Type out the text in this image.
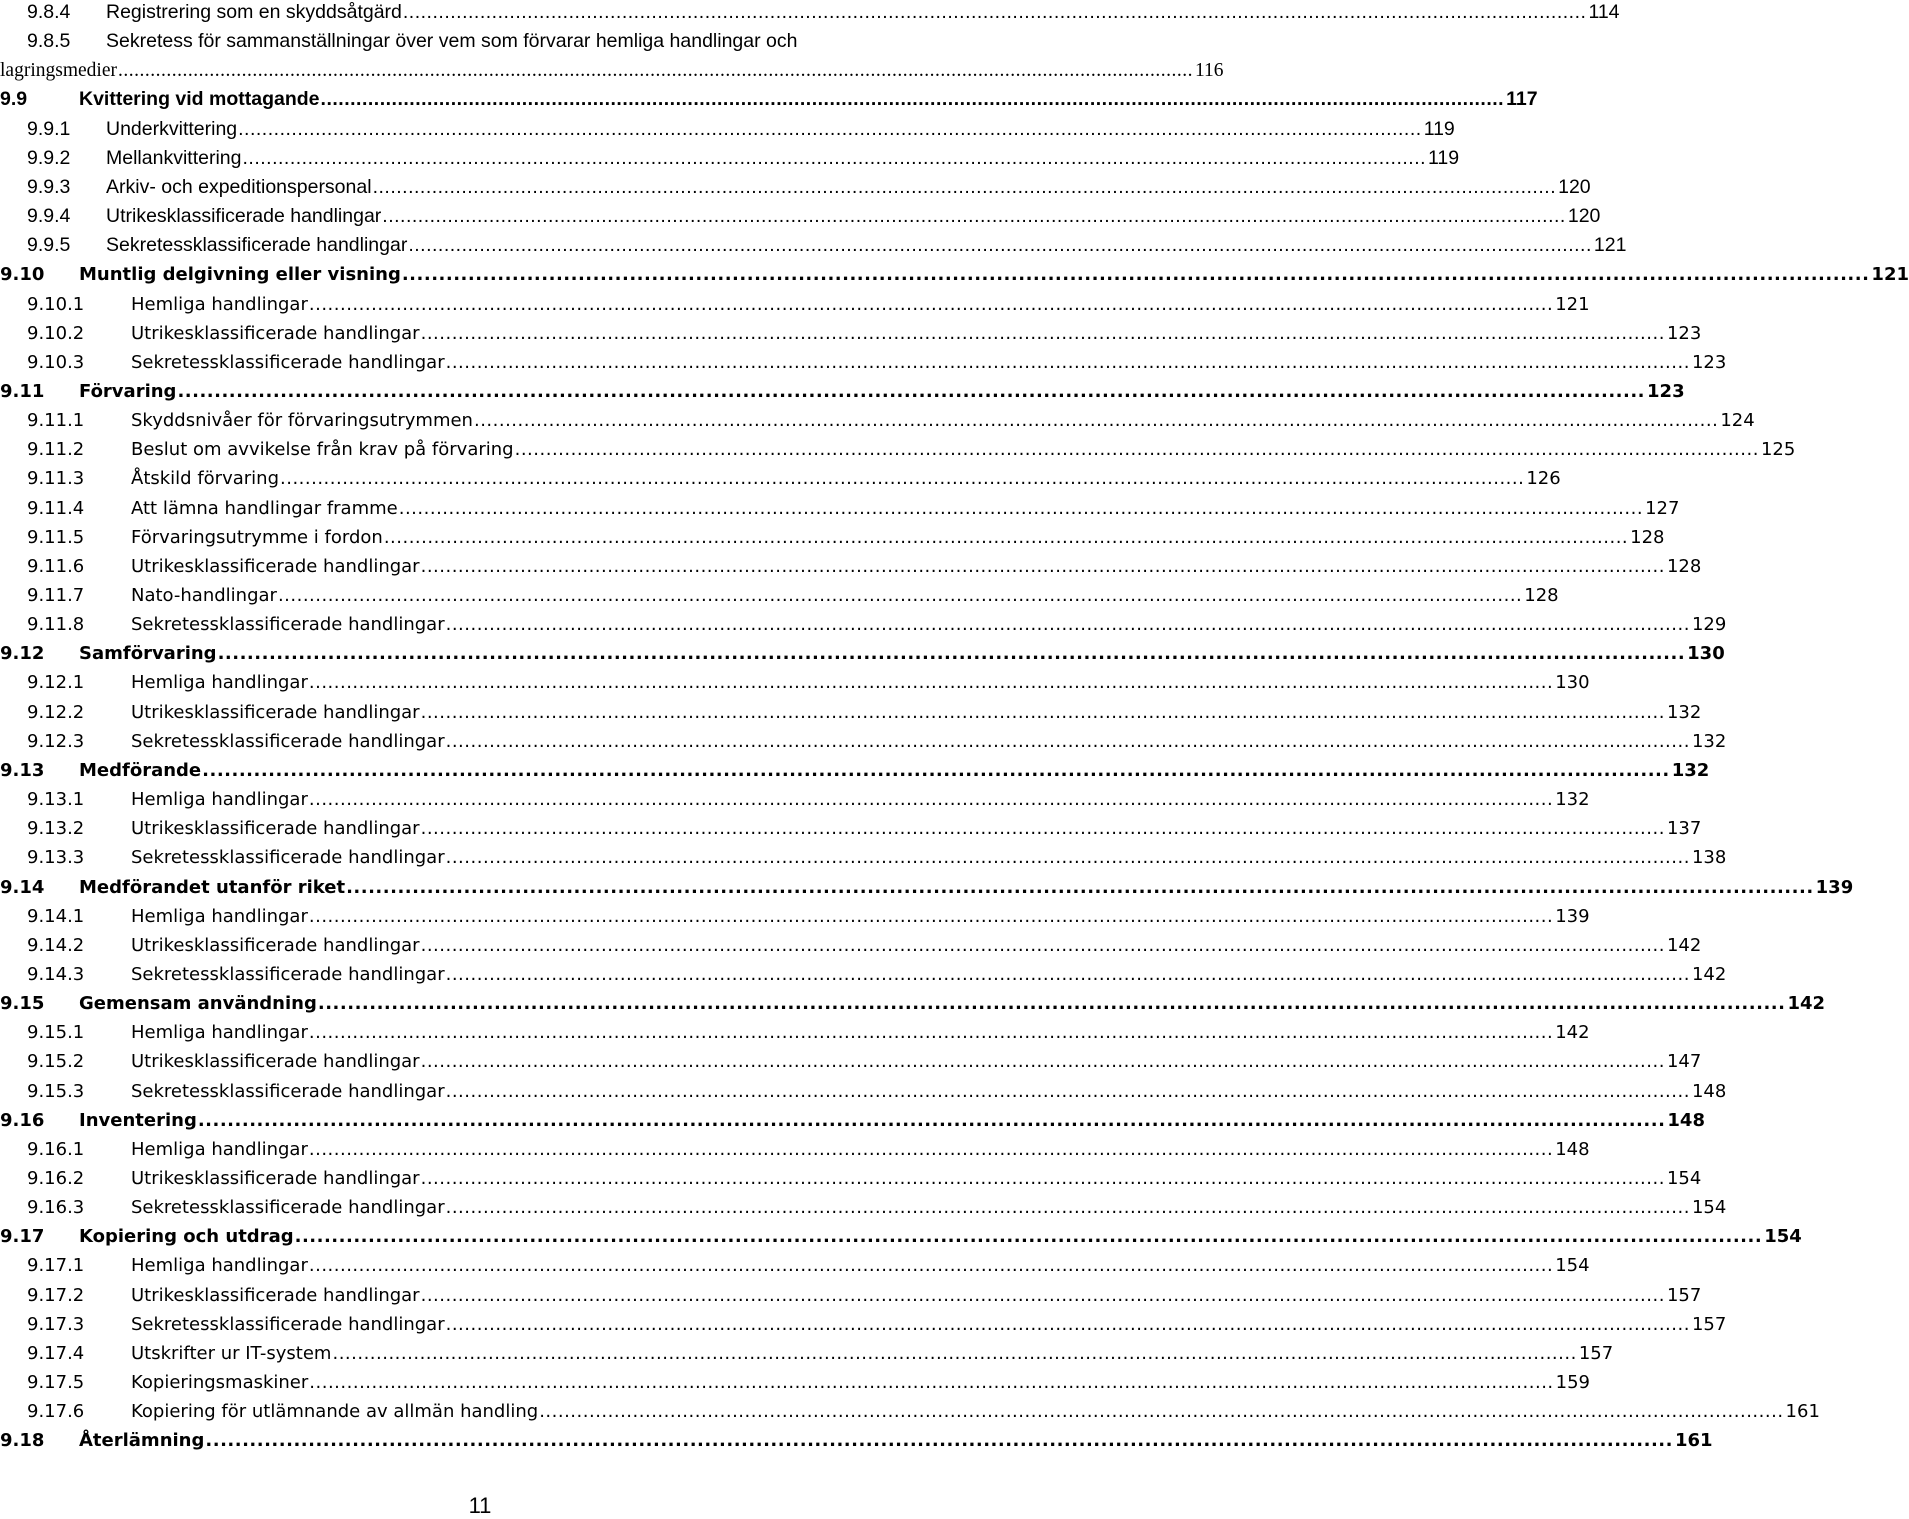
9.8.4 Registrering som en skyddsåtgärd ........................................................................................................................................................................................................ 114
9.8.5 Sekretess för sammanställningar över vem som förvarar hemliga handlingar och
lagringsmedier ........................................................................................................................................................................................................ 116
9.9	Kvittering vid mottagande ........................................................................................................................................................................................................ 117
9.9.1 Underkvittering ........................................................................................................................................................................................................ 119
9.9.2 Mellankvittering ........................................................................................................................................................................................................ 119
9.9.3 Arkiv- och expeditionspersonal ........................................................................................................................................................................................................ 120
9.9.4 Utrikesklassificerade handlingar ........................................................................................................................................................................................................ 120
9.9.5 Sekretessklassificerade handlingar ........................................................................................................................................................................................................ 121
9.10 Muntlig delgivning eller visning ........................................................................................................................................................................................................ 121
9.10.1	Hemliga handlingar ........................................................................................................................................................................................................ 121
9.10.2	Utrikesklassificerade handlingar ........................................................................................................................................................................................................ 123
9.10.3	Sekretessklassificerade handlingar ........................................................................................................................................................................................................ 123
9.11 Förvaring ........................................................................................................................................................................................................ 123
9.11.1	Skyddsnivåer för förvaringsutrymmen ........................................................................................................................................................................................................ 124
9.11.2	Beslut om avvikelse från krav på förvaring ........................................................................................................................................................................................................ 125
9.11.3	Åtskild förvaring ........................................................................................................................................................................................................ 126
9.11.4	Att lämna handlingar framme ........................................................................................................................................................................................................ 127
9.11.5	Förvaringsutrymme i fordon ........................................................................................................................................................................................................ 128
9.11.6	Utrikesklassificerade handlingar ........................................................................................................................................................................................................ 128
9.11.7	Nato-handlingar ........................................................................................................................................................................................................ 128
9.11.8	Sekretessklassificerade handlingar ........................................................................................................................................................................................................ 129
9.12 Samförvaring ........................................................................................................................................................................................................ 130
9.12.1	Hemliga handlingar ........................................................................................................................................................................................................ 130
9.12.2	Utrikesklassificerade handlingar ........................................................................................................................................................................................................ 132
9.12.3	Sekretessklassificerade handlingar ........................................................................................................................................................................................................ 132
9.13 Medförande ........................................................................................................................................................................................................ 132
9.13.1	Hemliga handlingar ........................................................................................................................................................................................................ 132
9.13.2	Utrikesklassificerade handlingar ........................................................................................................................................................................................................ 137
9.13.3	Sekretessklassificerade handlingar ........................................................................................................................................................................................................ 138
9.14 Medförandet utanför riket ........................................................................................................................................................................................................ 139
9.14.1	Hemliga handlingar ........................................................................................................................................................................................................ 139
9.14.2	Utrikesklassificerade handlingar ........................................................................................................................................................................................................ 142
9.14.3	Sekretessklassificerade handlingar ........................................................................................................................................................................................................ 142
9.15 Gemensam användning ........................................................................................................................................................................................................ 142
9.15.1	Hemliga handlingar ........................................................................................................................................................................................................ 142
9.15.2	Utrikesklassificerade handlingar ........................................................................................................................................................................................................ 147
9.15.3	Sekretessklassificerade handlingar ........................................................................................................................................................................................................ 148
9.16 Inventering ........................................................................................................................................................................................................ 148
9.16.1	Hemliga handlingar ........................................................................................................................................................................................................ 148
9.16.2	Utrikesklassificerade handlingar ........................................................................................................................................................................................................ 154
9.16.3	Sekretessklassificerade handlingar ........................................................................................................................................................................................................ 154
9.17 Kopiering och utdrag ........................................................................................................................................................................................................ 154
9.17.1	Hemliga handlingar ........................................................................................................................................................................................................ 154
9.17.2	Utrikesklassificerade handlingar ........................................................................................................................................................................................................ 157
9.17.3	Sekretessklassificerade handlingar ........................................................................................................................................................................................................ 157
9.17.4	Utskrifter ur IT-system ........................................................................................................................................................................................................ 157
9.17.5	Kopieringsmaskiner ........................................................................................................................................................................................................ 159
9.17.6	Kopiering för utlämnande av allmän handling ........................................................................................................................................................................................................ 161
9.18 Återlämning ........................................................................................................................................................................................................ 161
11
